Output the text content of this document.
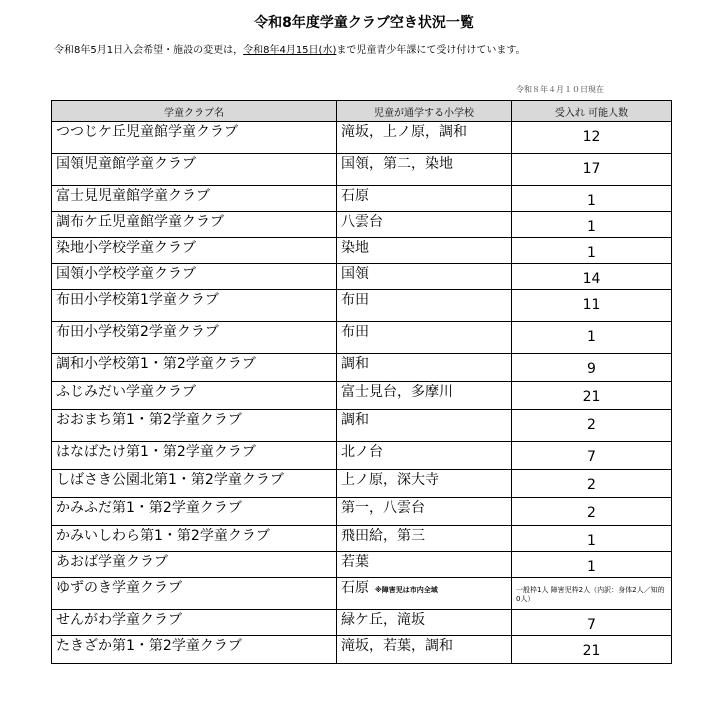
令和8年度学童クラブ空き状況一覧
令和8年5月1日入会希望・施設の変更は，令和8年4月15日(水)まで児童青少年課にて受け付けています。
令和８年４月１０日現在
学童クラブ名	児童が通学する小学校	受入れ 可能人数
つつじケ丘児童館学童クラブ	滝坂，上ノ原，調和	12
国領児童館学童クラブ	国領，第二，染地	17
富士見児童館学童クラブ	石原	1
調布ケ丘児童館学童クラブ	八雲台	1
染地小学校学童クラブ	染地	1
国領小学校学童クラブ	国領	14
布田小学校第1学童クラブ	布田	11
布田小学校第2学童クラブ	布田	1
調和小学校第1・第2学童クラブ	調和	9
ふじみだい学童クラブ	富士見台，多摩川	21
おおまち第1・第2学童クラブ	調和	2
はなばたけ第1・第2学童クラブ	北ノ台	7
しばさき公園北第1・第2学童クラブ	上ノ原，深大寺	2
かみふだ第1・第2学童クラブ	第一，八雲台	2
かみいしわら第1・第2学童クラブ	飛田給，第三	1
あおば学童クラブ	若葉	1
ゆずのき学童クラブ	石原 ※障害児は市内全域	一般枠1人 障害児枠2人（内訳：身体2人／知的0人）
せんがわ学童クラブ	緑ケ丘，滝坂	7
たきざか第1・第2学童クラブ	滝坂，若葉，調和	21
